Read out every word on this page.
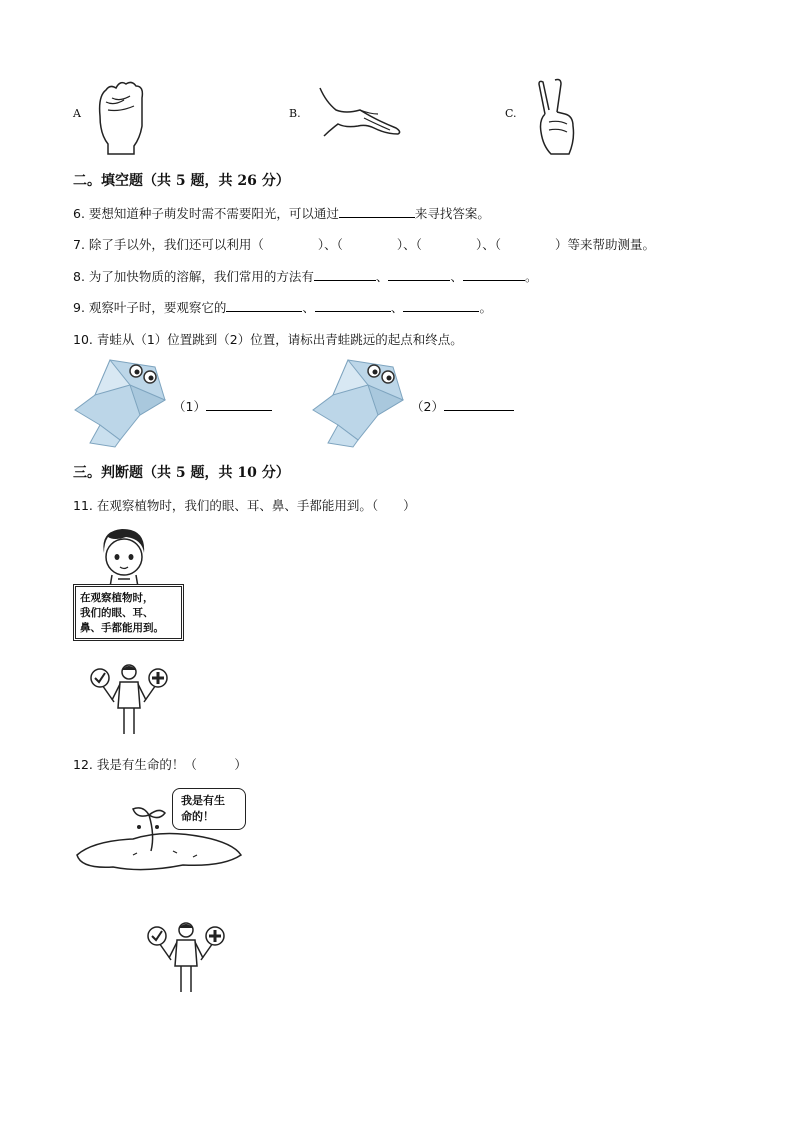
A	B.	C.
二。填空题（共 5 题，共 26 分）
6. 要想知道种子萌发时需不需要阳光，可以通过	来寻找答案。
7. 除了手以外，我们还可以利用（	）、（	）、（	）、（	）等来帮助测量。
8. 为了加快物质的溶解，我们常用的方法有	、	、	。
9. 观察叶子时，要观察它的	、	、	。
10. 青蛙从（1）位置跳到（2）位置，请标出青蛙跳远的起点和终点。
（1）	（2）
三。判断题（共 5 题，共 10 分）
11. 在观察植物时，我们的眼、耳、鼻、手都能用到。（　　）
在观察植物时，
我们的眼、耳、
鼻、手都能用到。
12. 我是有生命的！（　　　）
我是有生
命的！
